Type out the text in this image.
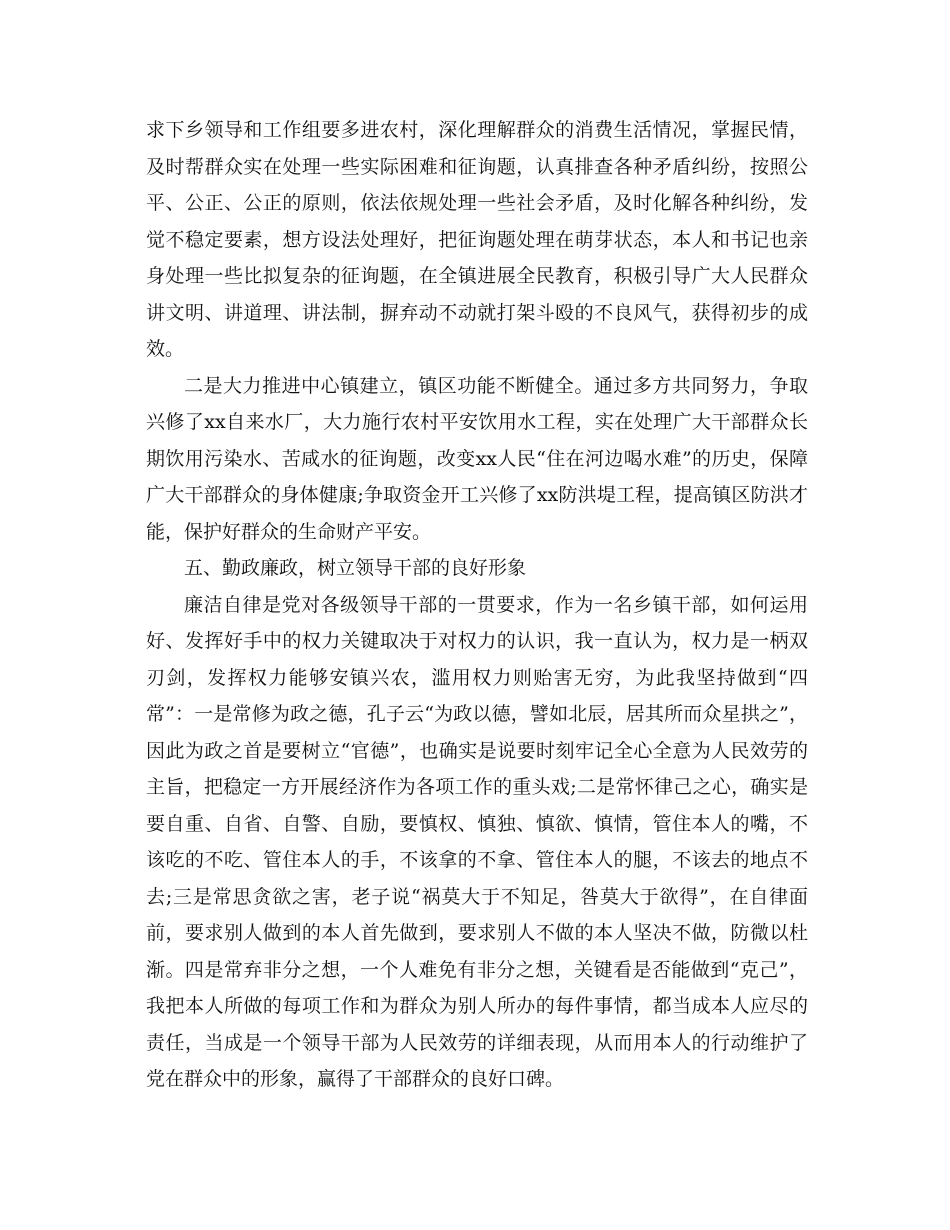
求下乡领导和工作组要多进农村，深化理解群众的消费生活情况，掌握民情，及时帮群众实在处理一些实际困难和征询题，认真排查各种矛盾纠纷，按照公平、公正、公正的原则，依法依规处理一些社会矛盾，及时化解各种纠纷，发觉不稳定要素，想方设法处理好，把征询题处理在萌芽状态，本人和书记也亲身处理一些比拟复杂的征询题，在全镇进展全民教育，积极引导广大人民群众讲文明、讲道理、讲法制，摒弃动不动就打架斗殴的不良风气，获得初步的成效。

二是大力推进中心镇建立，镇区功能不断健全。通过多方共同努力，争取兴修了xx自来水厂，大力施行农村平安饮用水工程，实在处理广大干部群众长期饮用污染水、苦咸水的征询题，改变xx人民“住在河边喝水难”的历史，保障广大干部群众的身体健康;争取资金开工兴修了xx防洪堤工程，提高镇区防洪才能，保护好群众的生命财产平安。

五、勤政廉政，树立领导干部的良好形象

廉洁自律是党对各级领导干部的一贯要求，作为一名乡镇干部，如何运用好、发挥好手中的权力关键取决于对权力的认识，我一直认为，权力是一柄双刃剑，发挥权力能够安镇兴农，滥用权力则贻害无穷，为此我坚持做到“四常”：一是常修为政之德，孔子云“为政以德，譬如北辰，居其所而众星拱之”，因此为政之首是要树立“官德”，也确实是说要时刻牢记全心全意为人民效劳的主旨，把稳定一方开展经济作为各项工作的重头戏;二是常怀律己之心，确实是要自重、自省、自警、自励，要慎权、慎独、慎欲、慎情，管住本人的嘴，不该吃的不吃、管住本人的手，不该拿的不拿、管住本人的腿，不该去的地点不去;三是常思贪欲之害，老子说“祸莫大于不知足，咎莫大于欲得”，在自律面前，要求别人做到的本人首先做到，要求别人不做的本人坚决不做，防微以杜渐。四是常弃非分之想，一个人难免有非分之想，关键看是否能做到“克己”，我把本人所做的每项工作和为群众为别人所办的每件事情，都当成本人应尽的责任，当成是一个领导干部为人民效劳的详细表现，从而用本人的行动维护了党在群众中的形象，赢得了干部群众的良好口碑。
